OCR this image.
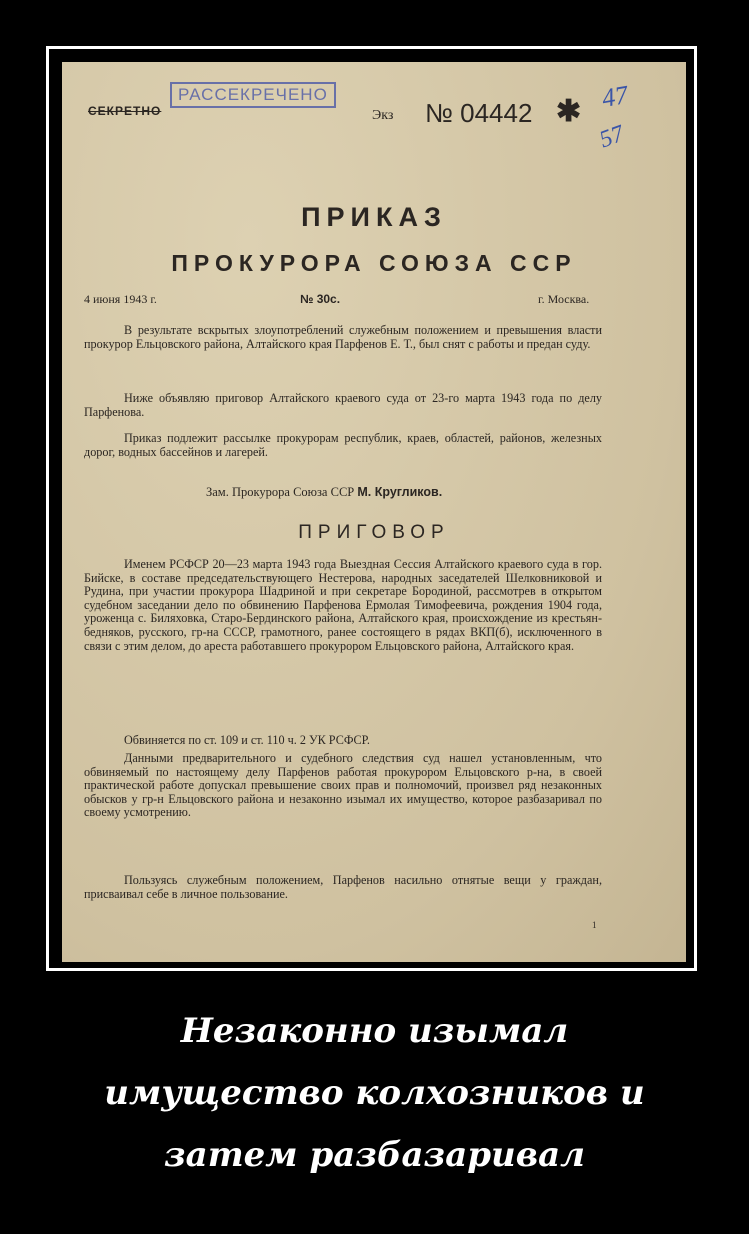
СЕКРЕТНО
РАССЕКРЕЧЕНО
Экз № 04442 ✱ 47
57
ПРИКАЗ
ПРОКУРОРА СОЮЗА ССР
4 июня 1943 г.	№ 30с.	г. Москва.
В результате вскрытых злоупотреблений служебным положением и превышения власти прокурор Ельцовского района, Алтайского края Парфенов Е. Т., был снят с работы и предан суду.
Ниже объявляю приговор Алтайского краевого суда от 23-го марта 1943 года по делу Парфенова.
Приказ подлежит рассылке прокурорам республик, краев, областей, районов, железных дорог, водных бассейнов и лагерей.
Зам. Прокурора Союза ССР М. Кругликов.
ПРИГОВОР
Именем РСФСР 20—23 марта 1943 года Выездная Сессия Алтайского краевого суда в гор. Бийске, в составе председательствующего Нестерова, народных заседателей Шелковниковой и Рудина, при участии прокурора Шадриной и при секретаре Бородиной, рассмотрев в открытом судебном заседании дело по обвинению Парфенова Ермолая Тимофеевича, рождения 1904 года, уроженца с. Биляховка, Старо-Бердинского района, Алтайского края, происхождение из крестьян-бедняков, русского, гр-на СССР, грамотного, ранее состоящего в рядах ВКП(б), исключенного в связи с этим делом, до ареста работавшего прокурором Ельцовского района, Алтайского края.
Обвиняется по ст. 109 и ст. 110 ч. 2 УК РСФСР.
Данными предварительного и судебного следствия суд нашел установленным, что обвиняемый по настоящему делу Парфенов работая прокурором Ельцовского р-на, в своей практической работе допускал превышение своих прав и полномочий, произвел ряд незаконных обысков у гр-н Ельцовского района и незаконно изымал их имущество, которое разбазаривал по своему усмотрению.
Пользуясь служебным положением, Парфенов насильно отнятые вещи у граждан, присваивал себе в личное пользование.
1
Незаконно изымал
имущество колхозников и
затем разбазаривал
